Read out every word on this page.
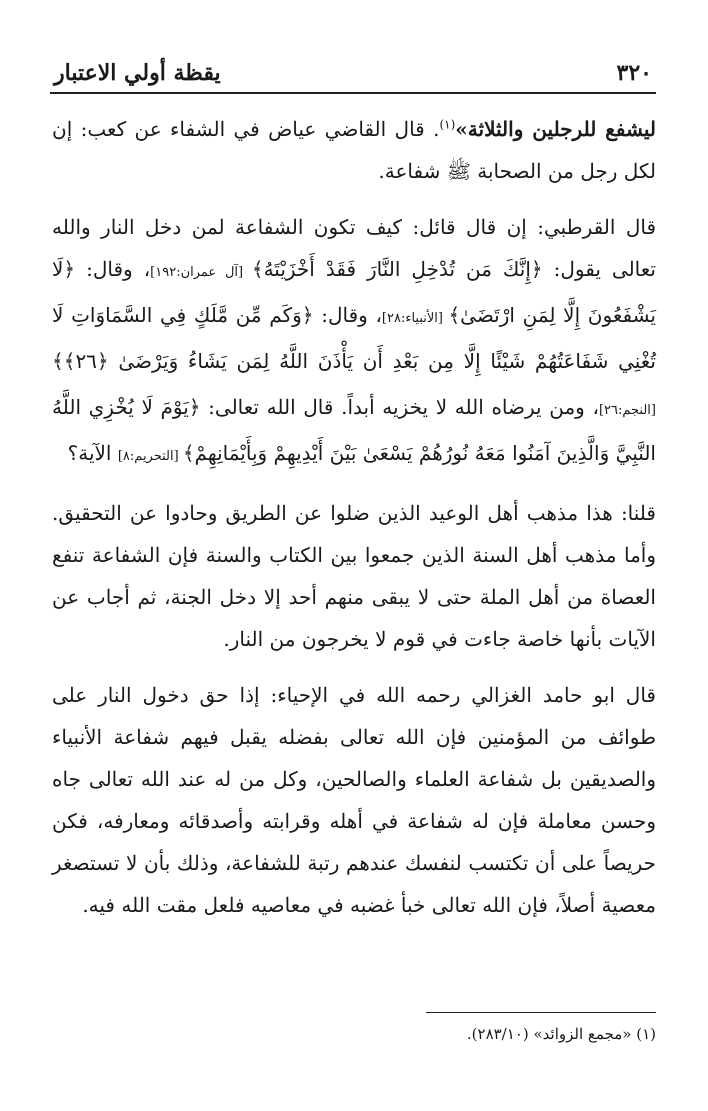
٣٢٠
يقظة أولي الاعتبار

ليشفع للرجلين والثلاثة»$^{(١)}$. قال القاضي عياض في الشفاء عن كعب: إن لكل رجل من الصحابة ﷺ شفاعة.

قال القرطبي: إن قال قائل: كيف تكون الشفاعة لمن دخل النار والله تعالى يقول: ﴿إِنَّكَ مَن تُدْخِلِ النَّارَ فَقَدْ أَخْزَيْتَهُ﴾ [آل عمران:١٩٢]، وقال: ﴿لَا يَشْفَعُونَ إِلَّا لِمَنِ ارْتَضَىٰ﴾ [الأنبياء:٢٨]، وقال: ﴿وَكَم مِّن مَّلَكٍ فِي السَّمَاوَاتِ لَا تُغْنِي شَفَاعَتُهُمْ شَيْئًا إِلَّا مِن بَعْدِ أَن يَأْذَنَ اللَّهُ لِمَن يَشَاءُ وَيَرْضَىٰ ﴿٢٦﴾﴾ [النجم:٢٦]، ومن يرضاه الله لا يخزيه أبداً. قال الله تعالى: ﴿يَوْمَ لَا يُخْزِي اللَّهُ النَّبِيَّ وَالَّذِينَ آمَنُوا مَعَهُ نُورُهُمْ يَسْعَىٰ بَيْنَ أَيْدِيهِمْ وَبِأَيْمَانِهِمْ﴾ [التحريم:٨] الآية؟

قلنا: هذا مذهب أهل الوعيد الذين ضلوا عن الطريق وحادوا عن التحقيق. وأما مذهب أهل السنة الذين جمعوا بين الكتاب والسنة فإن الشفاعة تنفع العصاة من أهل الملة حتى لا يبقى منهم أحد إلا دخل الجنة، ثم أجاب عن الآيات بأنها خاصة جاءت في قوم لا يخرجون من النار.

قال ابو حامد الغزالي رحمه الله في الإحياء: إذا حق دخول النار على طوائف من المؤمنين فإن الله تعالى بفضله يقبل فيهم شفاعة الأنبياء والصديقين بل شفاعة العلماء والصالحين، وكل من له عند الله تعالى جاه وحسن معاملة فإن له شفاعة في أهله وقرابته وأصدقائه ومعارفه، فكن حريصاً على أن تكتسب لنفسك عندهم رتبة للشفاعة، وذلك بأن لا تستصغر معصية أصلاً، فإن الله تعالى خبأ غضبه في معاصيه فلعل مقت الله فيه.

(١) «مجمع الزوائد» (٢٨٣/١٠).
